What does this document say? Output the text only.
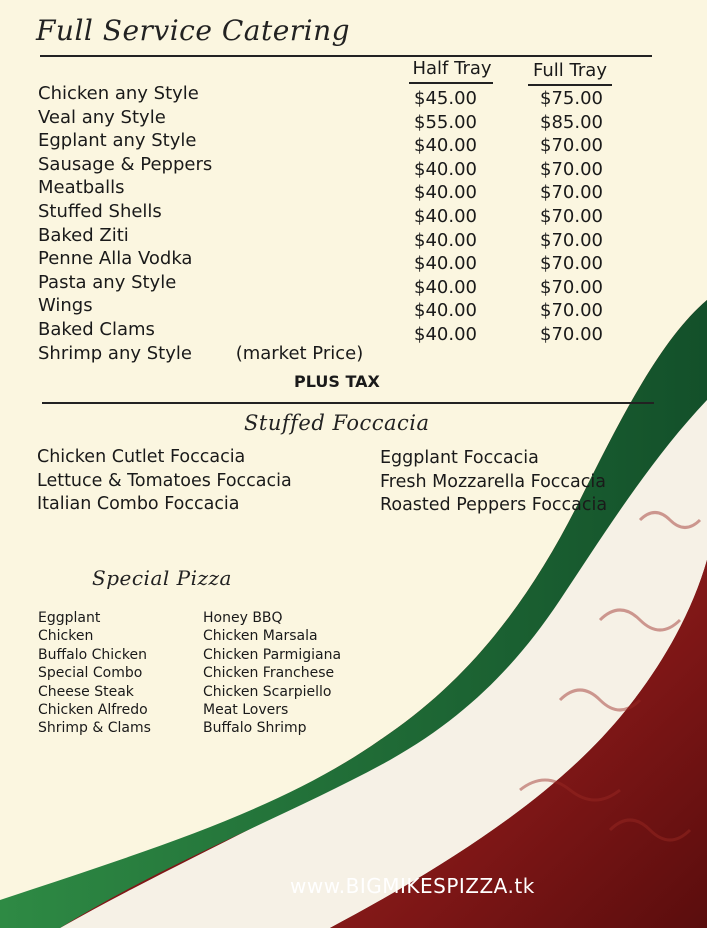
Full Service Catering
Half Tray	Full Tray
Chicken any Style
Veal any Style
Egplant any Style
Sausage & Peppers
Meatballs
Stuffed Shells
Baked Ziti
Penne Alla Vodka
Pasta any Style
Wings
Baked Clams
Shrimp any Style (market Price)
$45.00
$55.00
$40.00
$40.00
$40.00
$40.00
$40.00
$40.00
$40.00
$40.00
$40.00
$75.00
$85.00
$70.00
$70.00
$70.00
$70.00
$70.00
$70.00
$70.00
$70.00
$70.00
PLUS TAX
Stuffed Foccacia
Chicken Cutlet Foccacia
Lettuce & Tomatoes Foccacia
Italian Combo Foccacia
Eggplant Foccacia
Fresh Mozzarella Foccacia
Roasted Peppers Foccacia
Special Pizza
Eggplant
Chicken
Buffalo Chicken
Special Combo
Cheese Steak
Chicken Alfredo
Shrimp & Clams
Honey BBQ
Chicken Marsala
Chicken Parmigiana
Chicken Franchese
Chicken Scarpiello
Meat Lovers
Buffalo Shrimp
www.BIGMIKESPIZZA.tk
